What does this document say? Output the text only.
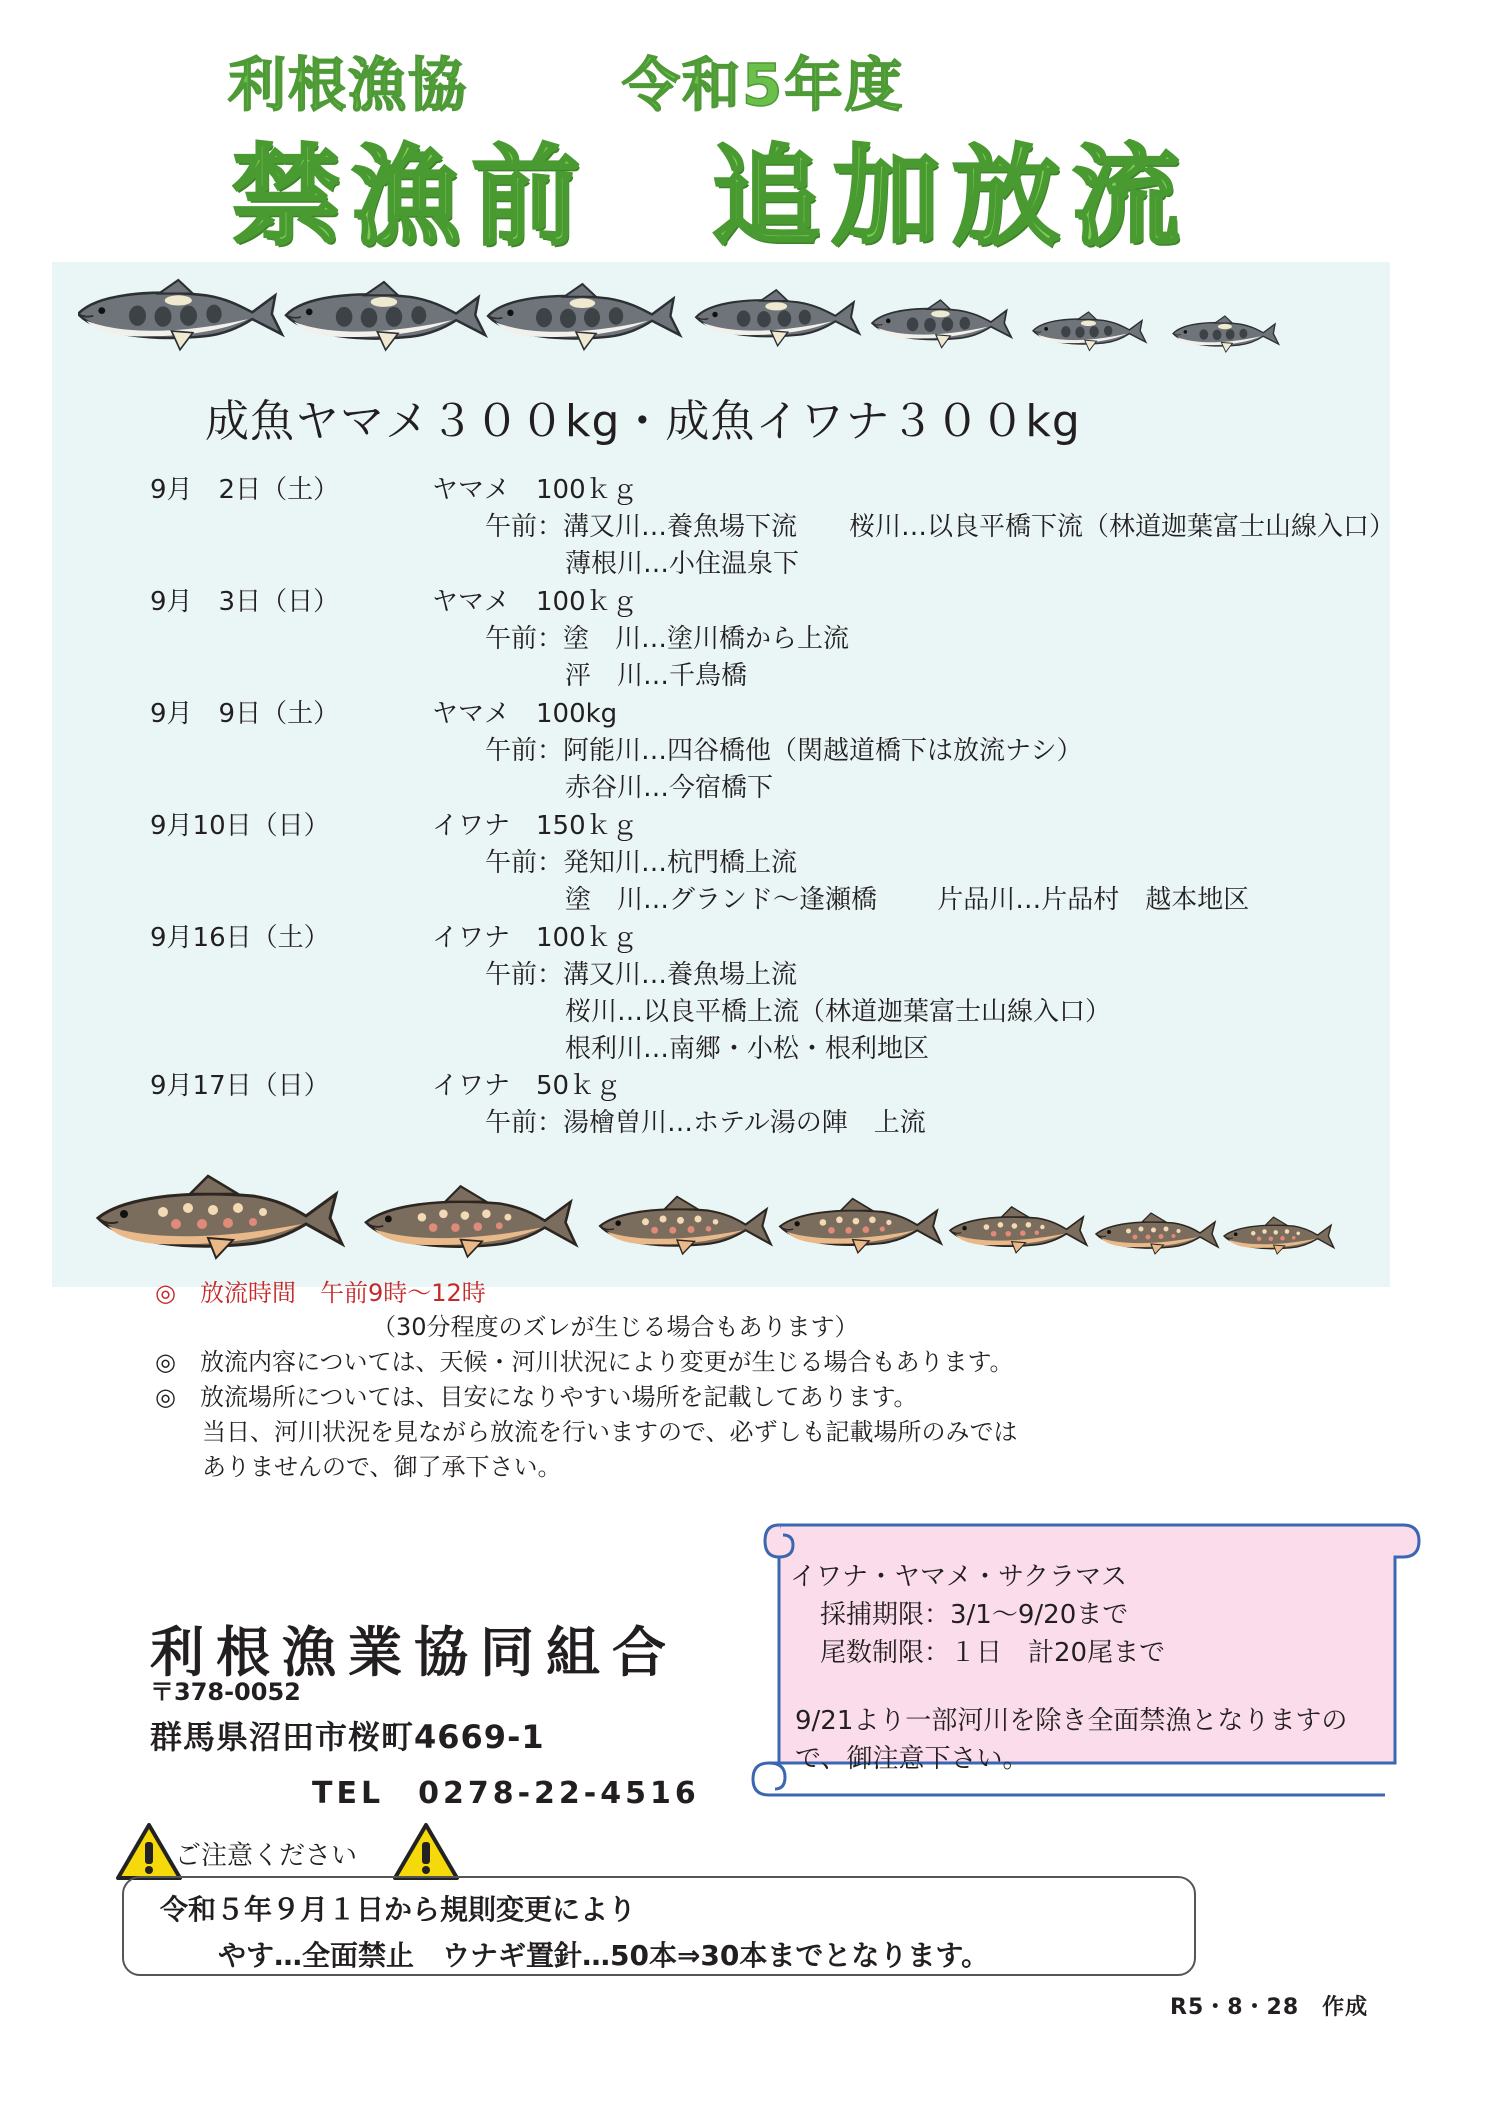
利根漁協	令和5年度
禁漁前　追加放流
成魚ヤマメ３００kg・成魚イワナ３００kg
9月　2日（土）	ヤマメ　100ｋｇ
午前：溝又川…養魚場下流　　桜川…以良平橋下流（林道迦葉富士山線入口）
薄根川…小住温泉下
9月　3日（日）	ヤマメ　100ｋｇ
午前：塗　川…塗川橋から上流
泙　川…千鳥橋
9月　9日（土）	ヤマメ　100kg
午前：阿能川…四谷橋他（関越道橋下は放流ナシ）
赤谷川…今宿橋下
9月10日（日）	イワナ　150ｋｇ
午前：発知川…杭門橋上流
塗　川…グランド～逢瀬橋　　 片品川…片品村　越本地区
9月16日（土）	イワナ　100ｋｇ
午前：溝又川…養魚場上流
桜川…以良平橋上流（林道迦葉富士山線入口）
根利川…南郷・小松・根利地区
9月17日（日）	イワナ　50ｋｇ
午前：湯檜曽川…ホテル湯の陣　上流
◎　放流時間　午前9時～12時
（30分程度のズレが生じる場合もあります）
◎　放流内容については、天候・河川状況により変更が生じる場合もあります。
◎　放流場所については、目安になりやすい場所を記載してあります。
当日、河川状況を見ながら放流を行いますので、必ずしも記載場所のみでは
ありませんので、御了承下さい。
利根漁業協同組合
〒378-0052
群馬県沼田市桜町4669-1
TEL　0278-22-4516
イワナ・ヤマメ・サクラマス
採捕期限：3/1～9/20まで
尾数制限：１日　計20尾まで
9/21より一部河川を除き全面禁漁となりますの
で、御注意下さい。
ご注意ください
令和５年９月１日から規則変更により
やす…全面禁止　ウナギ置針…50本⇒30本までとなります。
R5・8・28　作成
